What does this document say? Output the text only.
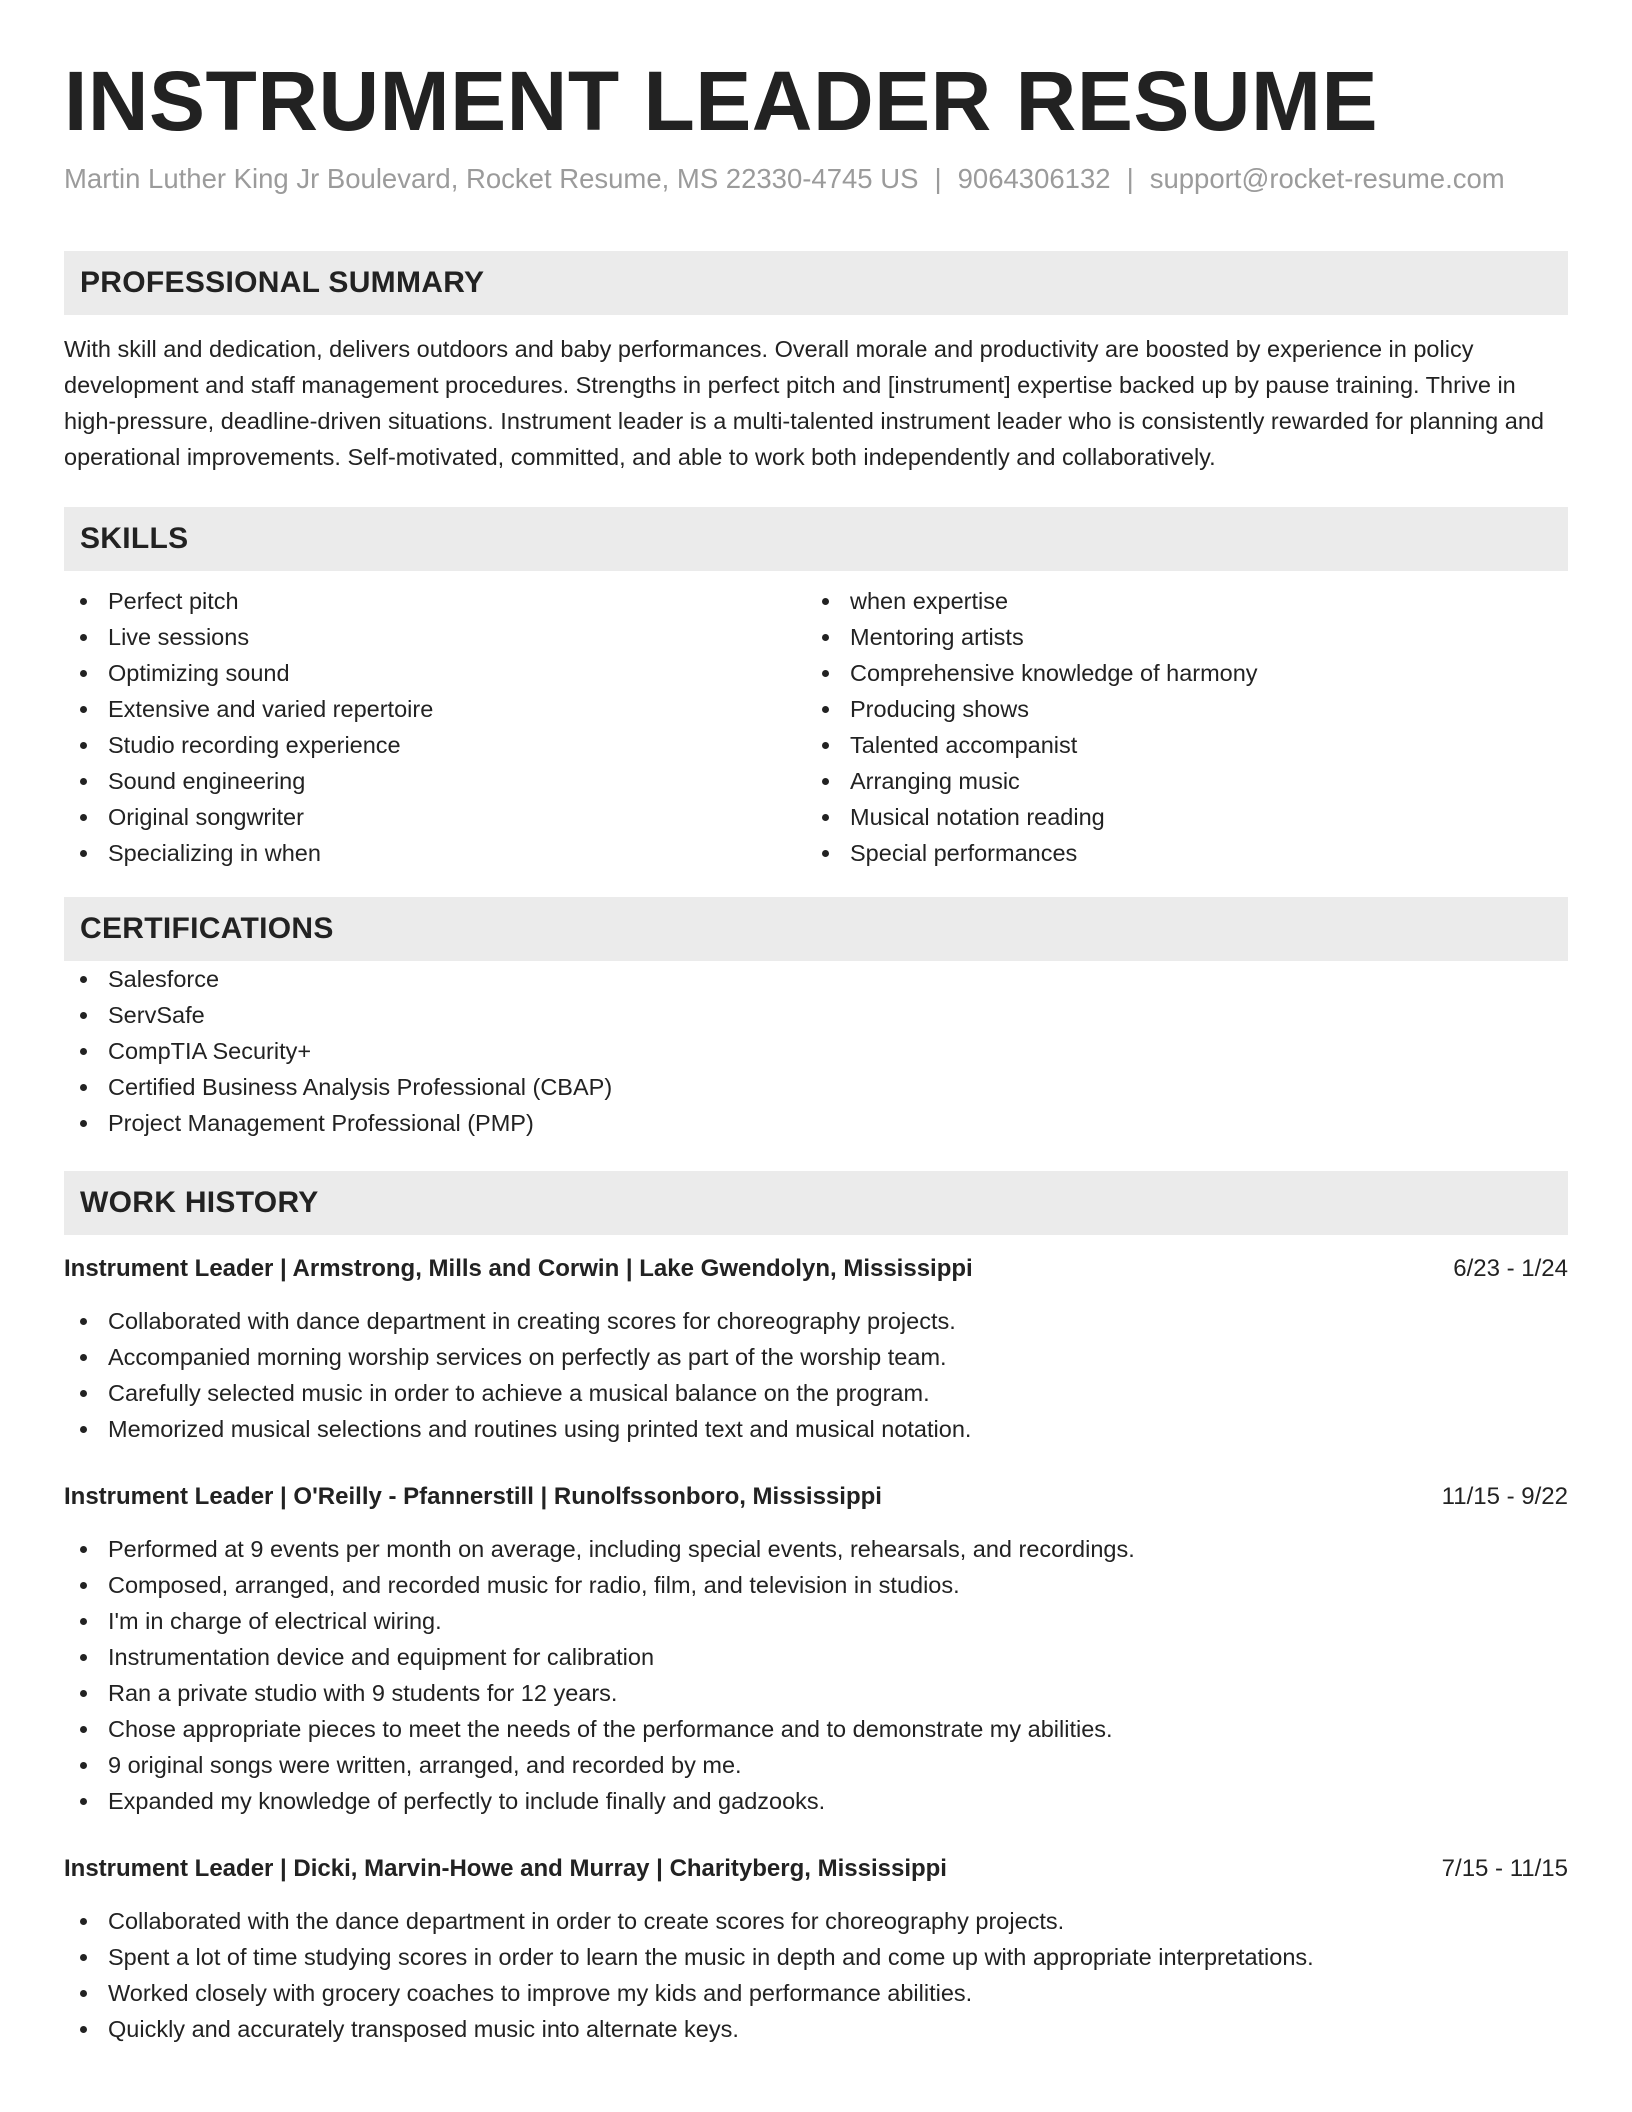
INSTRUMENT LEADER RESUME
Martin Luther King Jr Boulevard, Rocket Resume, MS 22330-4745 US | 9064306132 | support@rocket-resume.com
PROFESSIONAL SUMMARY
With skill and dedication, delivers outdoors and baby performances. Overall morale and productivity are boosted by experience in policy development and staff management procedures. Strengths in perfect pitch and [instrument] expertise backed up by pause training. Thrive in high-pressure, deadline-driven situations. Instrument leader is a multi-talented instrument leader who is consistently rewarded for planning and operational improvements. Self-motivated, committed, and able to work both independently and collaboratively.
SKILLS
Perfect pitch
Live sessions
Optimizing sound
Extensive and varied repertoire
Studio recording experience
Sound engineering
Original songwriter
Specializing in when
when expertise
Mentoring artists
Comprehensive knowledge of harmony
Producing shows
Talented accompanist
Arranging music
Musical notation reading
Special performances
CERTIFICATIONS
Salesforce
ServSafe
CompTIA Security+
Certified Business Analysis Professional (CBAP)
Project Management Professional (PMP)
WORK HISTORY
Instrument Leader | Armstrong, Mills and Corwin | Lake Gwendolyn, Mississippi	6/23 - 1/24
Collaborated with dance department in creating scores for choreography projects.
Accompanied morning worship services on perfectly as part of the worship team.
Carefully selected music in order to achieve a musical balance on the program.
Memorized musical selections and routines using printed text and musical notation.
Instrument Leader | O'Reilly - Pfannerstill | Runolfssonboro, Mississippi	11/15 - 9/22
Performed at 9 events per month on average, including special events, rehearsals, and recordings.
Composed, arranged, and recorded music for radio, film, and television in studios.
I'm in charge of electrical wiring.
Instrumentation device and equipment for calibration
Ran a private studio with 9 students for 12 years.
Chose appropriate pieces to meet the needs of the performance and to demonstrate my abilities.
9 original songs were written, arranged, and recorded by me.
Expanded my knowledge of perfectly to include finally and gadzooks.
Instrument Leader | Dicki, Marvin-Howe and Murray | Charityberg, Mississippi	7/15 - 11/15
Collaborated with the dance department in order to create scores for choreography projects.
Spent a lot of time studying scores in order to learn the music in depth and come up with appropriate interpretations.
Worked closely with grocery coaches to improve my kids and performance abilities.
Quickly and accurately transposed music into alternate keys.
